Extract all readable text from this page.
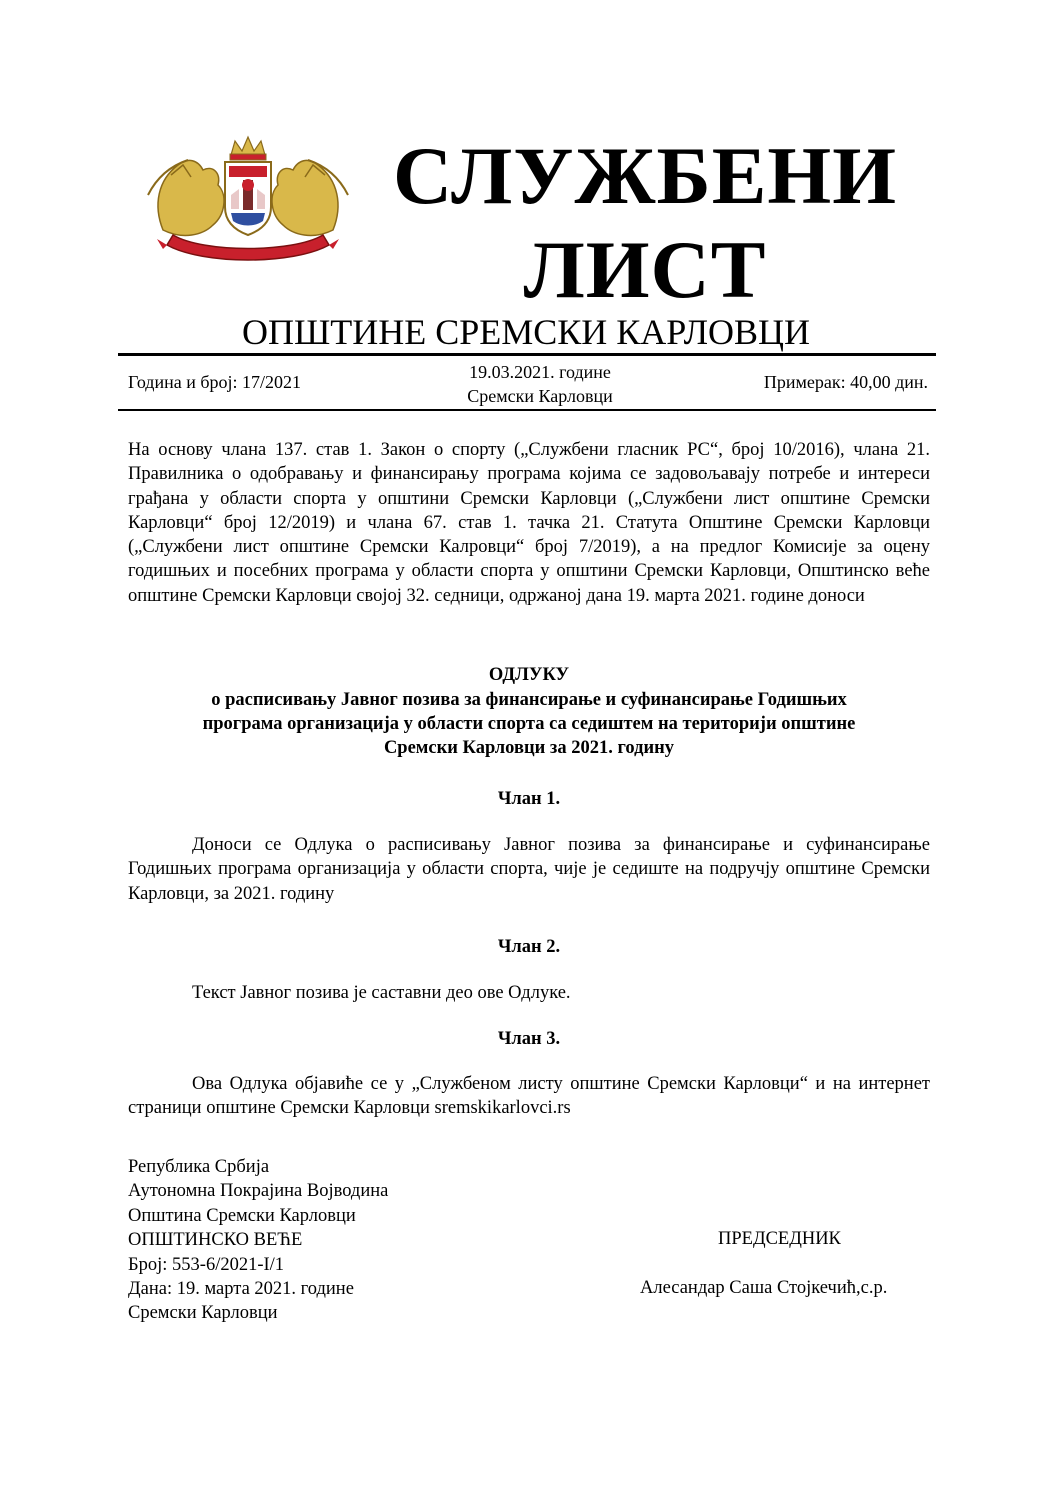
СЛУЖБЕНИ
ЛИСТ
ОПШТИНЕ СРЕМСКИ КАРЛОВЦИ
Година и број: 17/2021	19.03.2021. године
Сремски Карловци
Примерак: 40,00 дин.
На основу члана 137. став 1. Закон о спорту („Службени гласник РС“, број 10/2016), члана 21. Правилника о одобравању и финансирању програма којима се задовољавају потребе и интереси грађана у области спорта у општини Сремски Карловци („Службени лист општине Сремски Карловци“ број 12/2019) и члана 67. став 1. тачка 21. Статута Општине Сремски Карловци („Службени лист општине Сремски Калровци“ број 7/2019), а на предлог Комисије за оцену годишњих и посебних програма у области спорта у општини Сремски Карловци, Општинско веће општине Сремски Карловци својој 32. седници, одржаној дана 19. марта 2021. године доноси
ОДЛУКУ
о расписивању Јавног позива за финансирање и суфинансирање Годишњих
програма организација у области спорта са седиштем на територији општине
Сремски Карловци за 2021. годину
Члан 1.
Доноси се Одлука о расписивању Јавног позива за финансирање и суфинансирање Годишњих програма организација у области спорта, чије је седиште на подручју општине Сремски Карловци, за 2021. годину
Члан 2.
Текст Јавног позива је саставни део ове Одлуке.
Члан 3.
Ова Одлука објавиће се у „Службеном листу општине Сремски Карловци“ и на интернет страници општине Сремски Карловци sremskikarlovci.rs
Република Србија
Аутономна Покрајина Војводина
Општина Сремски Карловци
ОПШТИНСКО ВЕЋЕ
Број: 553-6/2021-I/1
Дана: 19. марта 2021. године
Сремски Карловци
ПРЕДСЕДНИК
Алесандар Саша Стојкечић,с.р.
